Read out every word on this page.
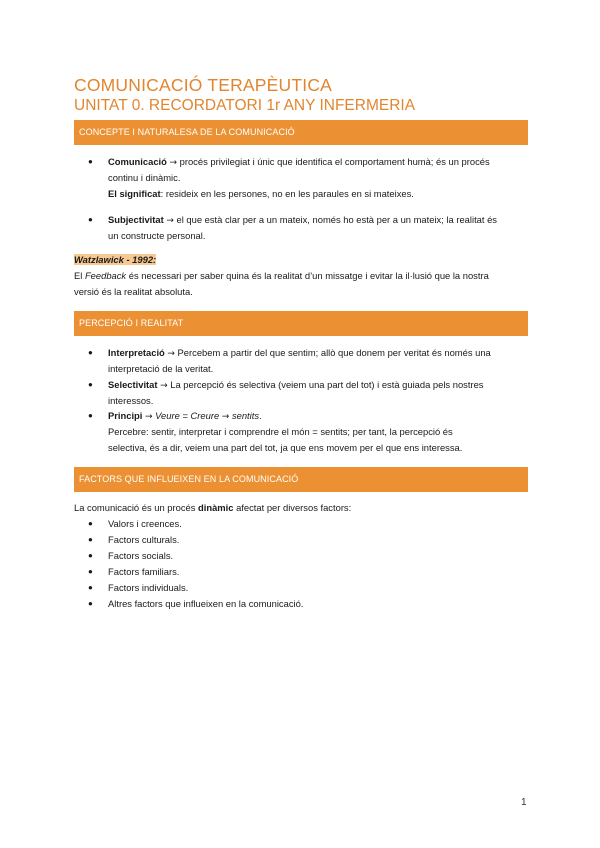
COMUNICACIÓ TERAPÈUTICA
UNITAT 0. RECORDATORI 1r ANY INFERMERIA
CONCEPTE I NATURALESA DE LA COMUNICACIÓ
● Comunicació → procés privilegiat i únic que identifica el comportament humà; és un procés
continu i dinàmic.
El significat: resideix en les persones, no en les paraules en si mateixes.
● Subjectivitat → el que està clar per a un mateix, només ho està per a un mateix; la realitat és
un constructe personal.
Watzlawick - 1992:
El Feedback és necessari per saber quina és la realitat d’un missatge i evitar la il·lusió que la nostra
versió és la realitat absoluta.
PERCEPCIÓ I REALITAT
● Interpretació → Percebem a partir del que sentim; allò que donem per veritat és només una
interpretació de la veritat.
● Selectivitat → La percepció és selectiva (veiem una part del tot) i està guiada pels nostres
interessos.
● Principi → Veure = Creure → sentits.
Percebre: sentir, interpretar i comprendre el món = sentits; per tant, la percepció és
selectiva, és a dir, veiem una part del tot, ja que ens movem per el que ens interessa.
FACTORS QUE INFLUEIXEN EN LA COMUNICACIÓ
La comunicació és un procés dinàmic afectat per diversos factors:
● Valors i creences.
● Factors culturals.
● Factors socials.
● Factors familiars.
● Factors individuals.
● Altres factors que influeixen en la comunicació.
1
